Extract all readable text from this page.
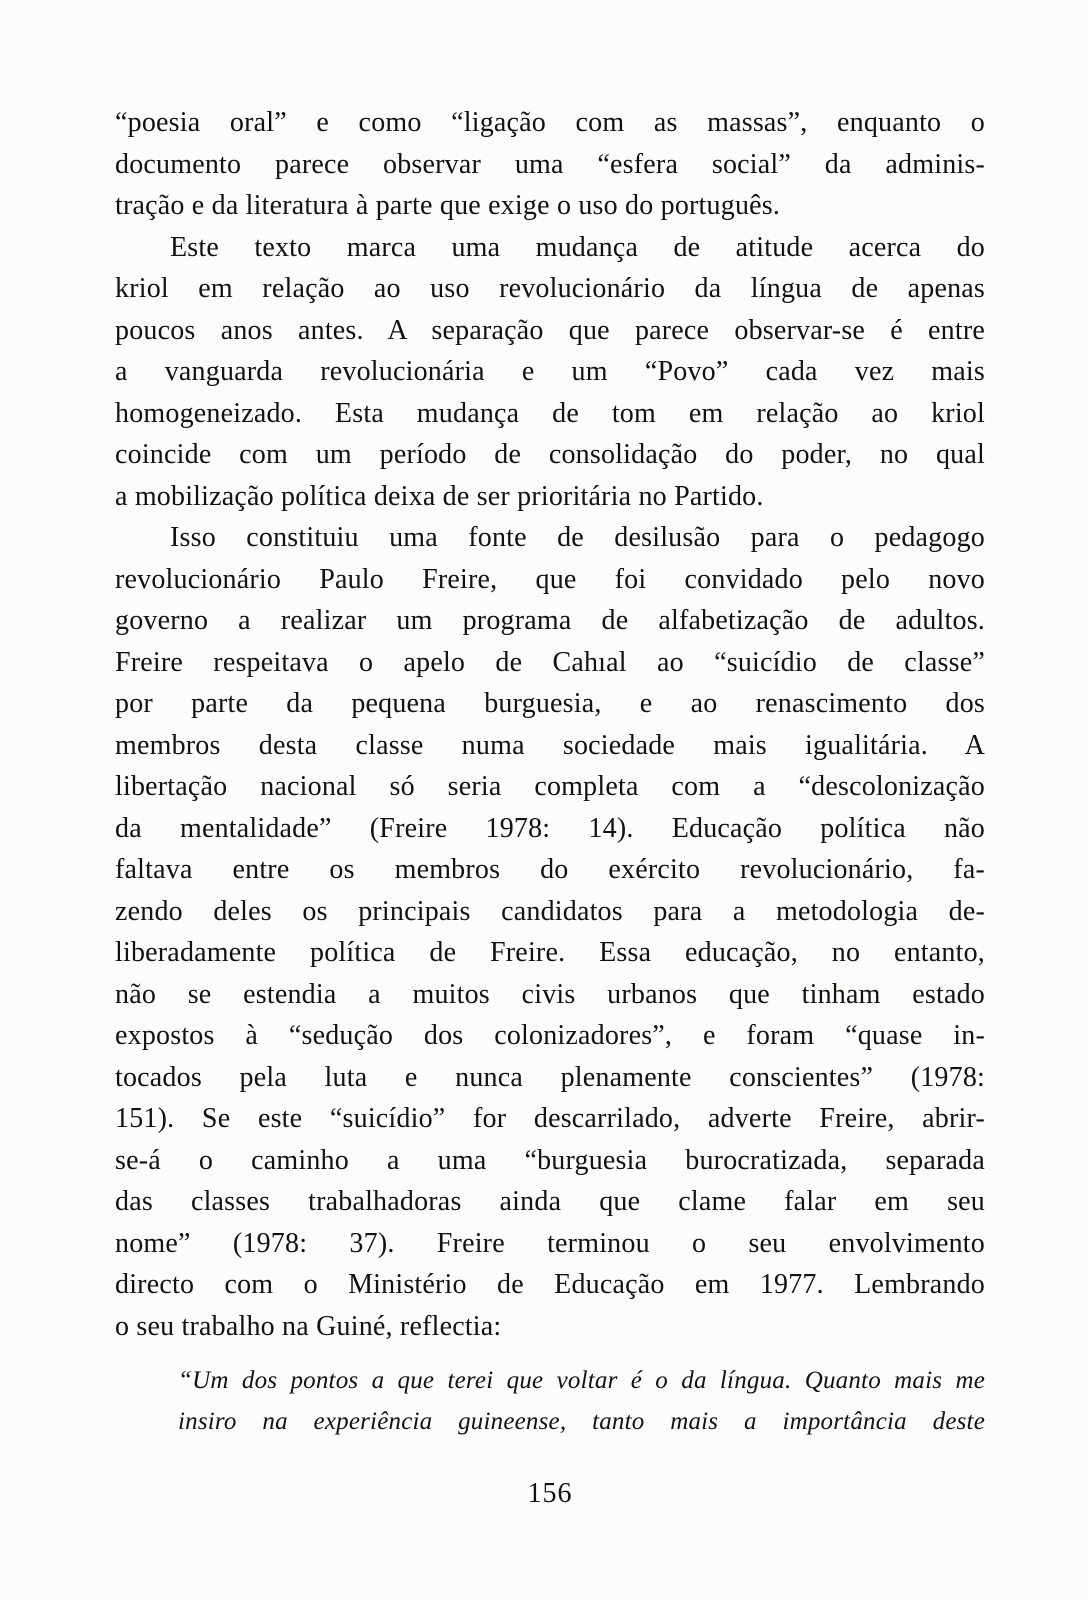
“poesia oral” e como “ligação com as massas”, enquanto o
documento parece observar uma “esfera social” da adminis-
tração e da literatura à parte que exige o uso do português.
Este texto marca uma mudança de atitude acerca do
kriol em relação ao uso revolucionário da língua de apenas
poucos anos antes. A separação que parece observar-se é entre
a vanguarda revolucionária e um “Povo” cada vez mais
homogeneizado. Esta mudança de tom em relação ao kriol
coincide com um período de consolidação do poder, no qual
a mobilização política deixa de ser prioritária no Partido.
Isso constituiu uma fonte de desilusão para o pedagogo
revolucionário Paulo Freire, que foi convidado pelo novo
governo a realizar um programa de alfabetização de adultos.
Freire respeitava o apelo de Cahıal ao “suicídio de classe”
por parte da pequena burguesia, e ao renascimento dos
membros desta classe numa sociedade mais igualitária. A
libertação nacional só seria completa com a “descolonização
da mentalidade” (Freire 1978: 14). Educação política não
faltava entre os membros do exército revolucionário, fa-
zendo deles os principais candidatos para a metodologia de-
liberadamente política de Freire. Essa educação, no entanto,
não se estendia a muitos civis urbanos que tinham estado
expostos à “sedução dos colonizadores”, e foram “quase in-
tocados pela luta e nunca plenamente conscientes” (1978:
151). Se este “suicídio” for descarrilado, adverte Freire, abrir-
se-á o caminho a uma “burguesia burocratizada, separada
das classes trabalhadoras ainda que clame falar em seu
nome” (1978: 37). Freire terminou o seu envolvimento
directo com o Ministério de Educação em 1977. Lembrando
o seu trabalho na Guiné, reflectia:
“Um dos pontos a que terei que voltar é o da língua. Quanto mais me
insiro na experiência guineense, tanto mais a importância deste
156
